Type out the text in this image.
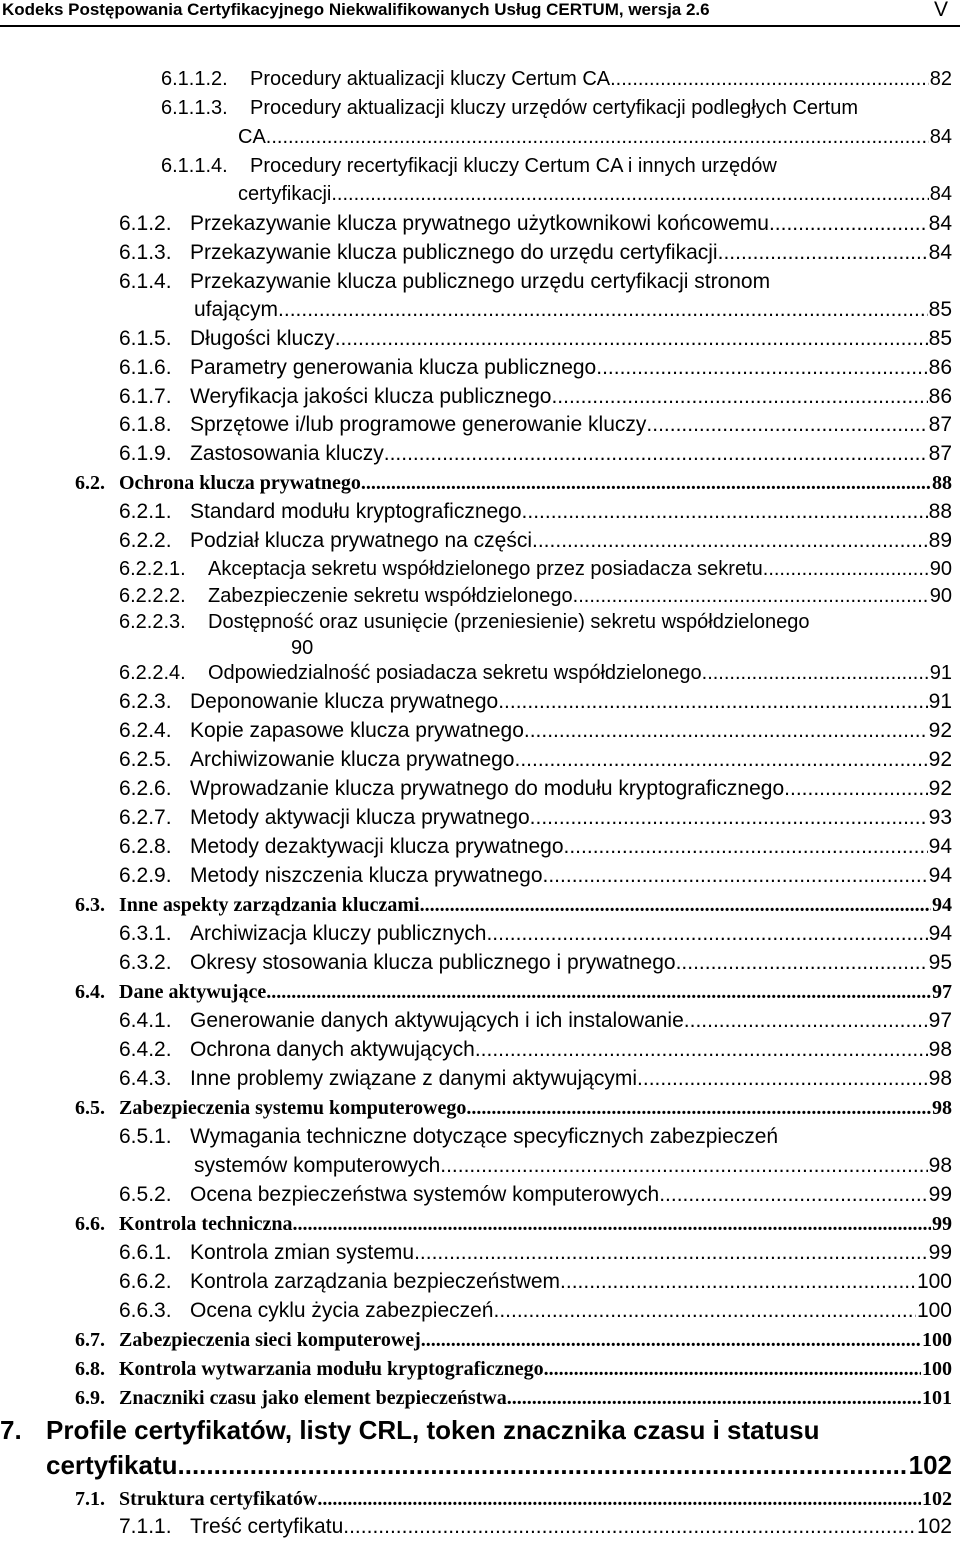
Kodeks Postępowania Certyfikacyjnego Niekwalifikowanych Usług CERTUM, wersja 2.6	V
6.1.1.2.	Procedury aktualizacji kluczy Certum CA .....	82
6.1.1.3.	Procedury aktualizacji kluczy urzędów certyfikacji podległych Certum
CA .....	84
6.1.1.4.	Procedury recertyfikacji kluczy Certum CA i innych urzędów
certyfikacji .....	84
6.1.2. Przekazywanie klucza prywatnego użytkownikowi końcowemu .....	84
6.1.3. Przekazywanie klucza publicznego do urzędu certyfikacji .....	84
6.1.4. Przekazywanie klucza publicznego urzędu certyfikacji stronom
ufającym .....	85
6.1.5. Długości kluczy .....	85
6.1.6. Parametry generowania klucza publicznego .....	86
6.1.7. Weryfikacja jakości klucza publicznego .....	86
6.1.8. Sprzętowe i/lub programowe generowanie kluczy .....	87
6.1.9. Zastosowania kluczy .....	87
6.2. Ochrona klucza prywatnego .....	88
6.2.1. Standard modułu kryptograficznego .....	88
6.2.2. Podział klucza prywatnego na części .....	89
6.2.2.1.	Akceptacja sekretu współdzielonego przez posiadacza sekretu .....	90
6.2.2.2.	Zabezpieczenie sekretu współdzielonego .....	90
6.2.2.3.	Dostępność oraz usunięcie (przeniesienie) sekretu współdzielonego
90
6.2.2.4.	Odpowiedzialność posiadacza sekretu współdzielonego .....	91
6.2.3. Deponowanie klucza prywatnego .....	91
6.2.4. Kopie zapasowe klucza prywatnego .....	92
6.2.5. Archiwizowanie klucza prywatnego .....	92
6.2.6. Wprowadzanie klucza prywatnego do modułu kryptograficznego .....	92
6.2.7. Metody aktywacji klucza prywatnego .....	93
6.2.8. Metody dezaktywacji klucza prywatnego .....	94
6.2.9. Metody niszczenia klucza prywatnego .....	94
6.3. Inne aspekty zarządzania kluczami .....	94
6.3.1. Archiwizacja kluczy publicznych .....	94
6.3.2. Okresy stosowania klucza publicznego i prywatnego .....	95
6.4. Dane aktywujące .....	97
6.4.1. Generowanie danych aktywujących i ich instalowanie .....	97
6.4.2. Ochrona danych aktywujących .....	98
6.4.3. Inne problemy związane z danymi aktywującymi .....	98
6.5. Zabezpieczenia systemu komputerowego .....	98
6.5.1. Wymagania techniczne dotyczące specyficznych zabezpieczeń
systemów komputerowych .....	98
6.5.2. Ocena bezpieczeństwa systemów komputerowych .....	99
6.6. Kontrola techniczna .....	99
6.6.1. Kontrola zmian systemu .....	99
6.6.2. Kontrola zarządzania bezpieczeństwem .....	100
6.6.3. Ocena cyklu życia zabezpieczeń .....	100
6.7. Zabezpieczenia sieci komputerowej .....	100
6.8. Kontrola wytwarzania modułu kryptograficznego .....	100
6.9. Znaczniki czasu jako element bezpieczeństwa .....	101
7. Profile certyfikatów, listy CRL, token znacznika czasu i statusu
certyfikatu .....	102
7.1. Struktura certyfikatów .....	102
7.1.1. Treść certyfikatu .....	102
